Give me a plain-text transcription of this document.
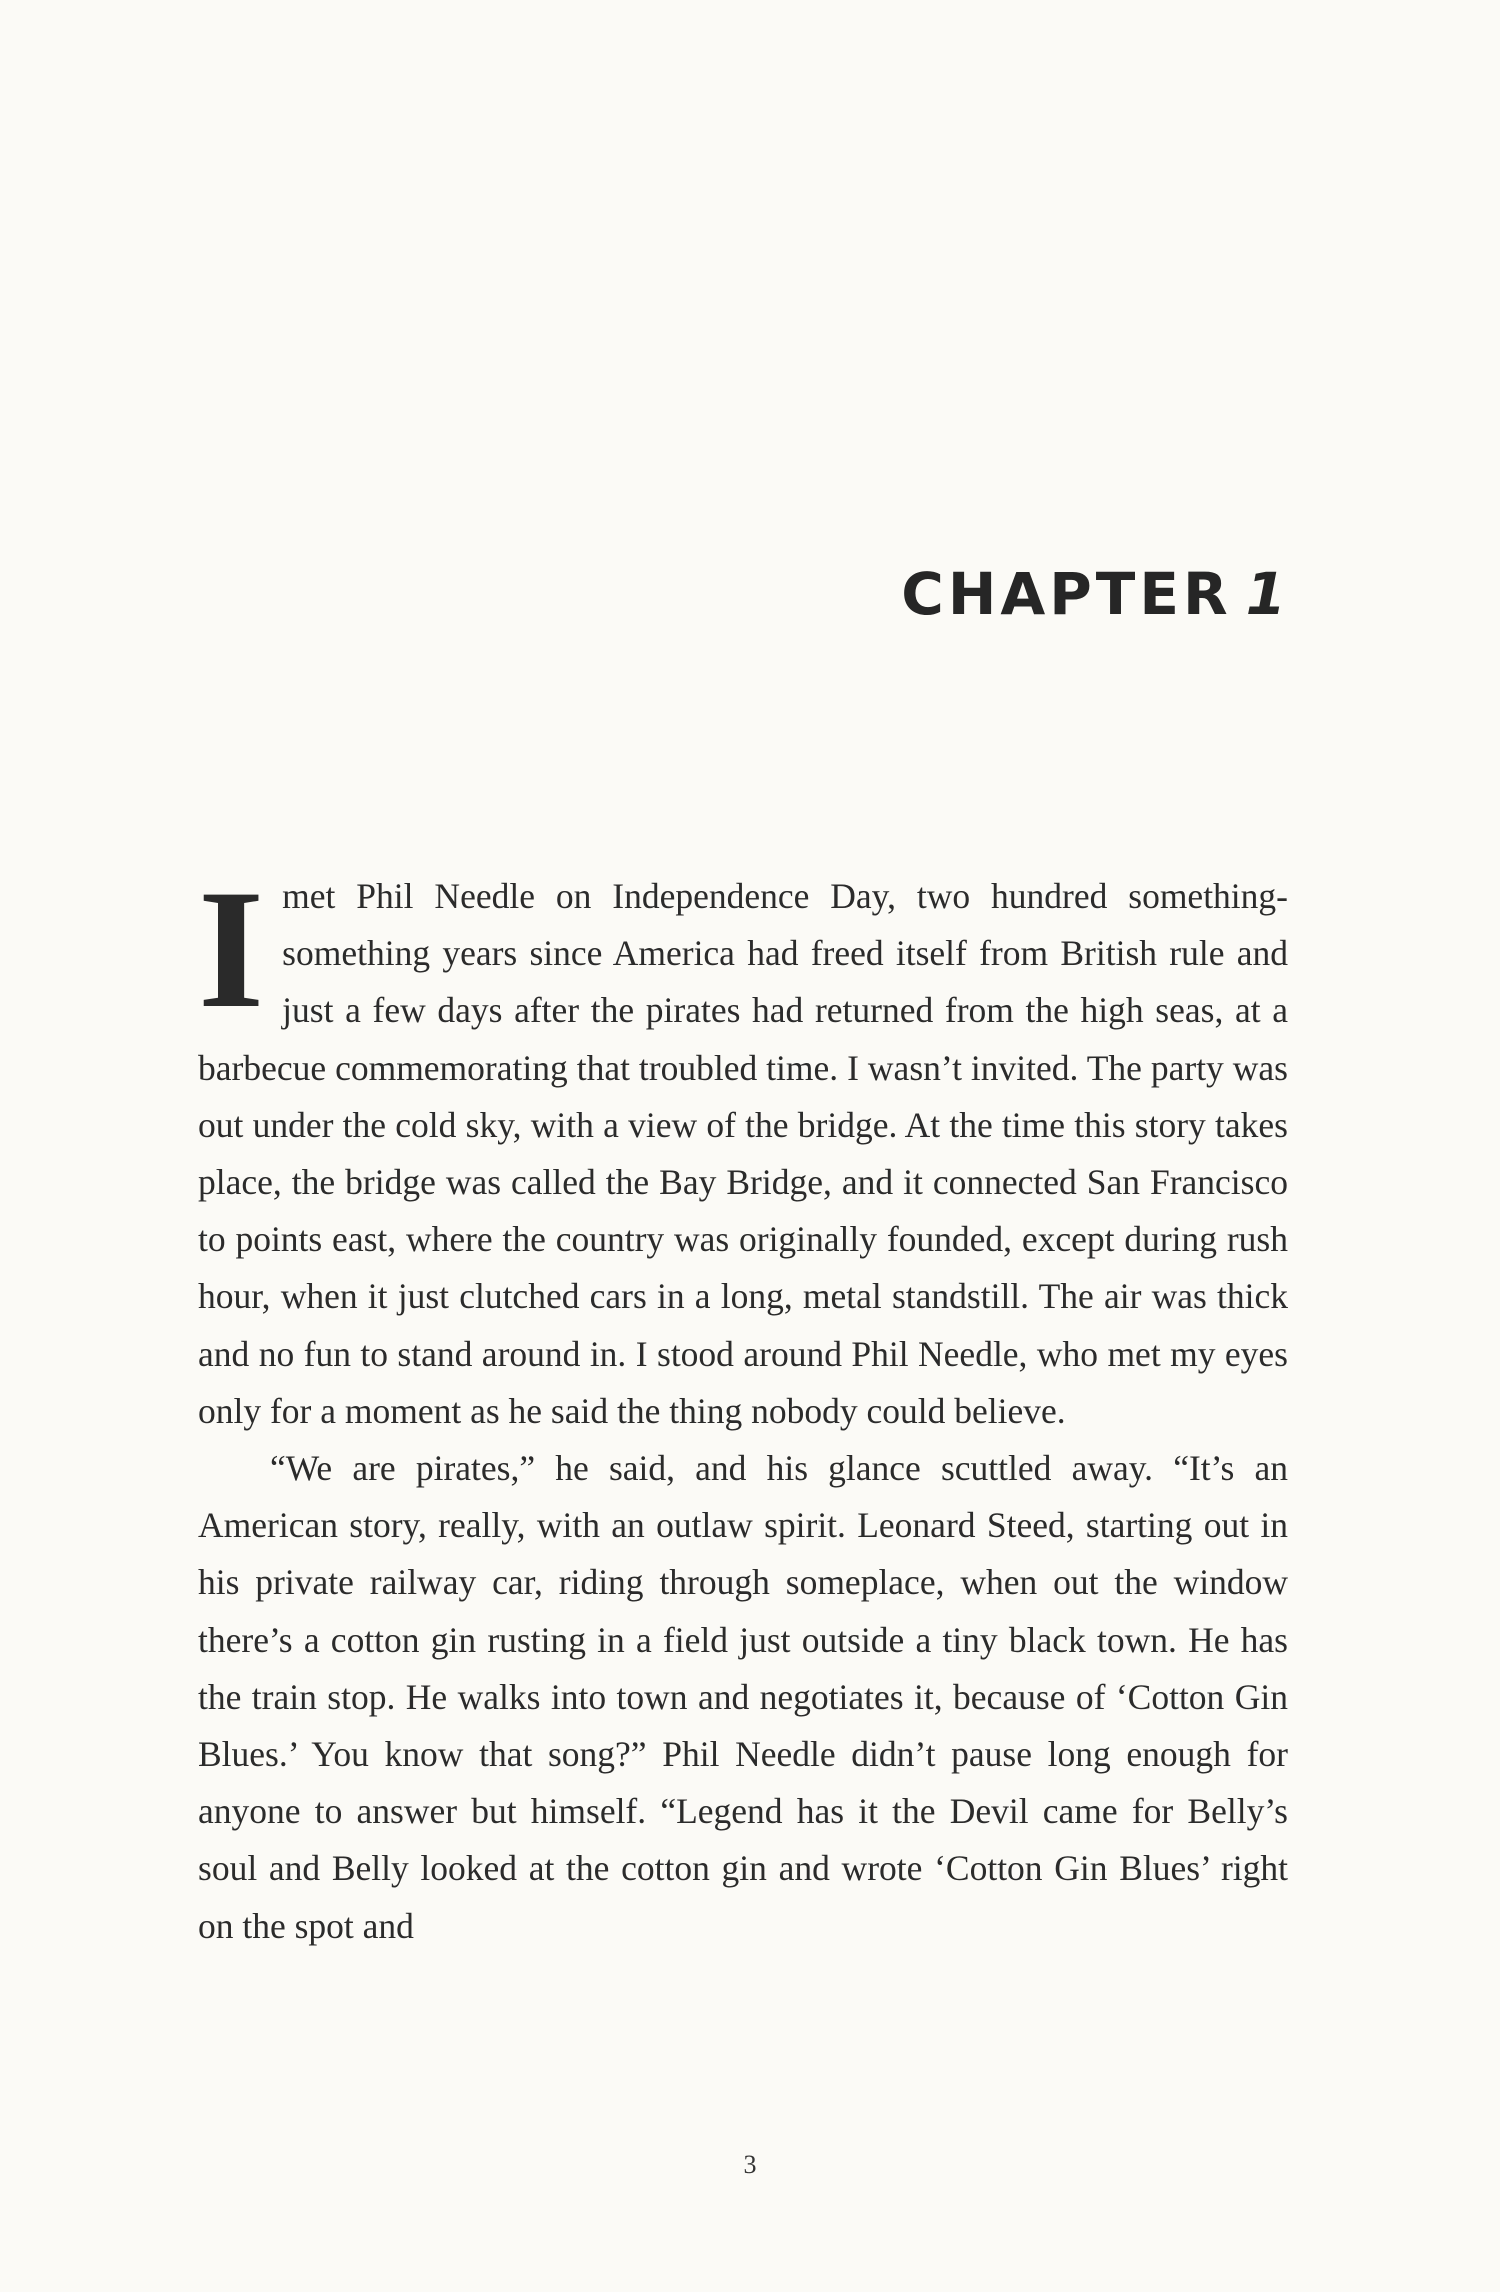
CHAPTER 1

Imet Phil Needle on Independence Day, two hundred something-something years since America had freed itself from British rule and just a few days after the pirates had returned from the high seas, at a barbecue commemorating that troubled time. I wasn’t invited. The party was out under the cold sky, with a view of the bridge. At the time this story takes place, the bridge was called the Bay Bridge, and it connected San Francisco to points east, where the country was originally founded, except during rush hour, when it just clutched cars in a long, metal standstill. The air was thick and no fun to stand around in. I stood around Phil Needle, who met my eyes only for a moment as he said the thing nobody could believe.

“We are pirates,” he said, and his glance scuttled away. “It’s an American story, really, with an outlaw spirit. Leonard Steed, starting out in his private railway car, riding through someplace, when out the window there’s a cotton gin rusting in a field just outside a tiny black town. He has the train stop. He walks into town and negotiates it, because of ‘Cotton Gin Blues.’ You know that song?” Phil Needle didn’t pause long enough for anyone to answer but himself. “Legend has it the Devil came for Belly’s soul and Belly looked at the cotton gin and wrote ‘Cotton Gin Blues’ right on the spot and

3
